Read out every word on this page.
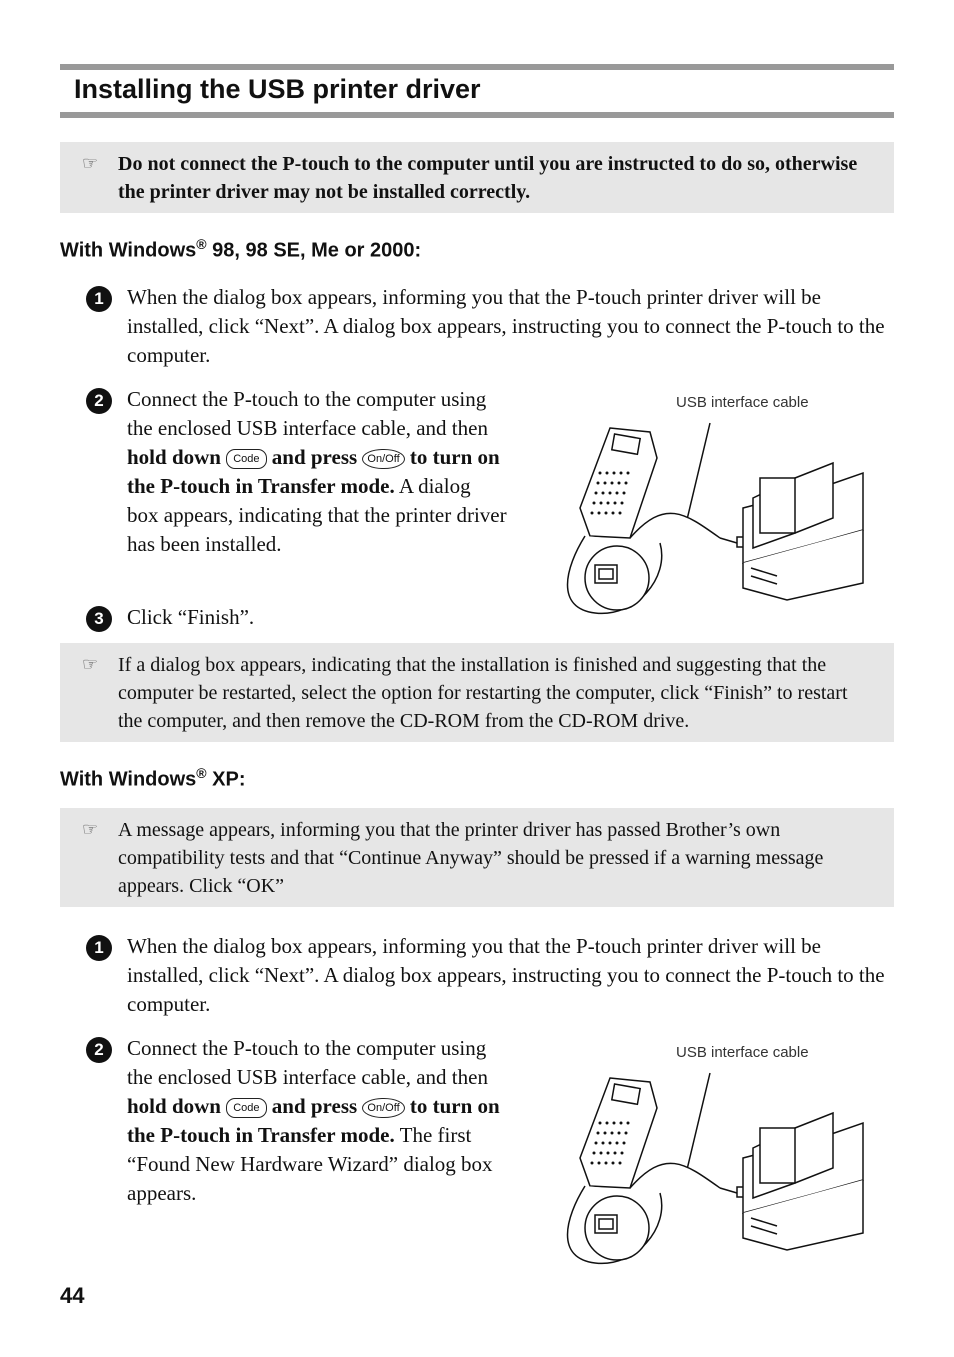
Installing the USB printer driver
☞ Do not connect the P-touch to the computer until you are instructed to do so, otherwise the printer driver may not be installed correctly.
With Windows® 98, 98 SE, Me or 2000:
1	When the dialog box appears, informing you that the P-touch printer driver will be installed, click “Next”. A dialog box appears, instructing you to connect the P-touch to the computer.
2	Connect the P-touch to the computer using the enclosed USB interface cable, and then hold down Code and press On/Off to turn on the P-touch in Transfer mode. A dialog box appears, indicating that the printer driver has been installed.
USB interface cable
3	Click “Finish”.
☞ If a dialog box appears, indicating that the installation is finished and suggesting that the computer be restarted, select the option for restarting the computer, click “Finish” to restart the computer, and then remove the CD-ROM from the CD-ROM drive.
With Windows® XP:
☞ A message appears, informing you that the printer driver has passed Brother’s own compatibility tests and that “Continue Anyway” should be pressed if a warning message appears. Click “OK”
1	When the dialog box appears, informing you that the P-touch printer driver will be installed, click “Next”. A dialog box appears, instructing you to connect the P-touch to the computer.
2	Connect the P-touch to the computer using the enclosed USB interface cable, and then hold down Code and press On/Off to turn on the P-touch in Transfer mode. The first “Found New Hardware Wizard” dialog box appears.
USB interface cable
44
